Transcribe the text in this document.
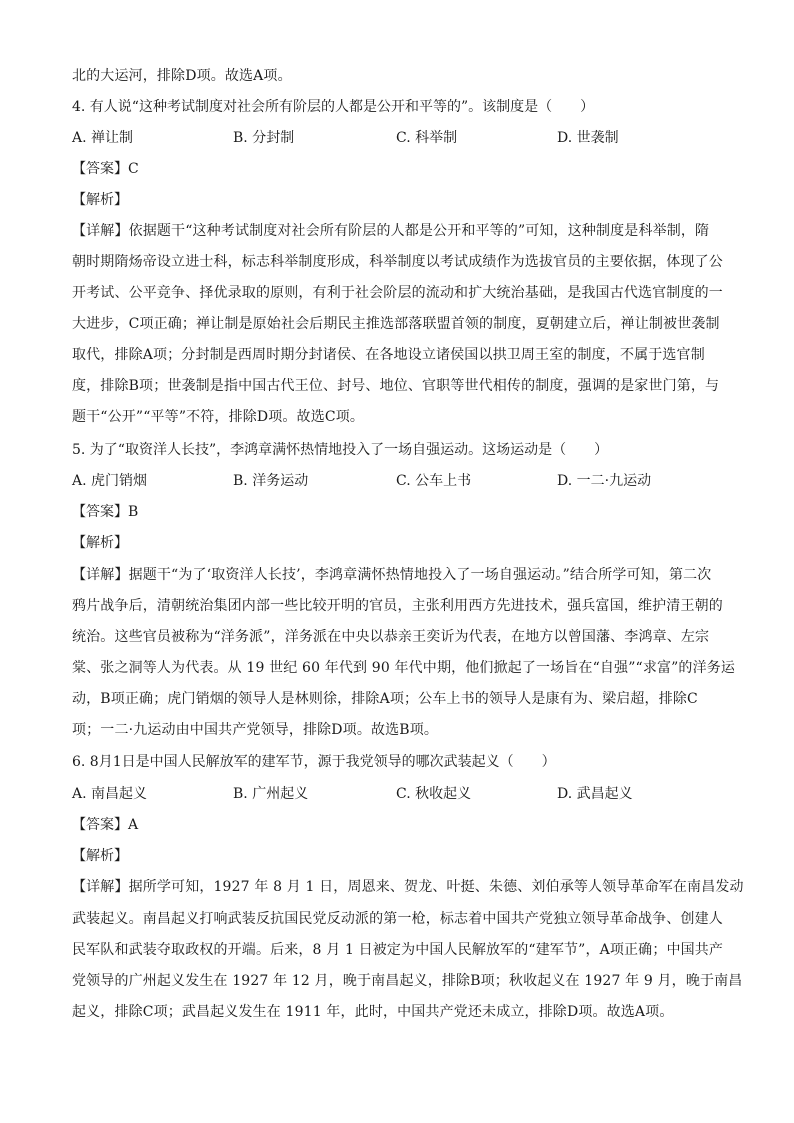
北的大运河，排除D项。故选A项。
4. 有人说“这种考试制度对社会所有阶层的人都是公开和平等的”。该制度是（　　）
A. 禅让制	B. 分封制	C. 科举制	D. 世袭制
【答案】C
【解析】
【详解】依据题干“这种考试制度对社会所有阶层的人都是公开和平等的”可知，这种制度是科举制，隋
朝时期隋炀帝设立进士科，标志科举制度形成，科举制度以考试成绩作为选拔官员的主要依据，体现了公
开考试、公平竞争、择优录取的原则，有利于社会阶层的流动和扩大统治基础，是我国古代选官制度的一
大进步，C项正确；禅让制是原始社会后期民主推选部落联盟首领的制度，夏朝建立后，禅让制被世袭制
取代，排除A项；分封制是西周时期分封诸侯、在各地设立诸侯国以拱卫周王室的制度，不属于选官制
度，排除B项；世袭制是指中国古代王位、封号、地位、官职等世代相传的制度，强调的是家世门第，与
题干“公开”“平等”不符，排除D项。故选C项。
5. 为了“取资洋人长技”，李鸿章满怀热情地投入了一场自强运动。这场运动是（　　）
A. 虎门销烟	B. 洋务运动	C. 公车上书	D. 一二·九运动
【答案】B
【解析】
【详解】据题干“为了‘取资洋人长技’，李鸿章满怀热情地投入了一场自强运动。”结合所学可知，第二次
鸦片战争后，清朝统治集团内部一些比较开明的官员，主张利用西方先进技术，强兵富国，维护清王朝的
统治。这些官员被称为“洋务派”，洋务派在中央以恭亲王奕䜣为代表，在地方以曾国藩、李鸿章、左宗
棠、张之洞等人为代表。从 19 世纪 60 年代到 90 年代中期，他们掀起了一场旨在“自强”“求富”的洋务运
动，B项正确；虎门销烟的领导人是林则徐，排除A项；公车上书的领导人是康有为、梁启超，排除C
项；一二·九运动由中国共产党领导，排除D项。故选B项。
6. 8月1日是中国人民解放军的建军节，源于我党领导的哪次武装起义（　　）
A. 南昌起义	B. 广州起义	C. 秋收起义	D. 武昌起义
【答案】A
【解析】
【详解】据所学可知，1927 年 8 月 1 日，周恩来、贺龙、叶挺、朱德、刘伯承等人领导革命军在南昌发动
武装起义。南昌起义打响武装反抗国民党反动派的第一枪，标志着中国共产党独立领导革命战争、创建人
民军队和武装夺取政权的开端。后来，8 月 1 日被定为中国人民解放军的“建军节”，A项正确；中国共产
党领导的广州起义发生在 1927 年 12 月，晚于南昌起义，排除B项；秋收起义在 1927 年 9 月，晚于南昌
起义，排除C项；武昌起义发生在 1911 年，此时，中国共产党还未成立，排除D项。故选A项。
